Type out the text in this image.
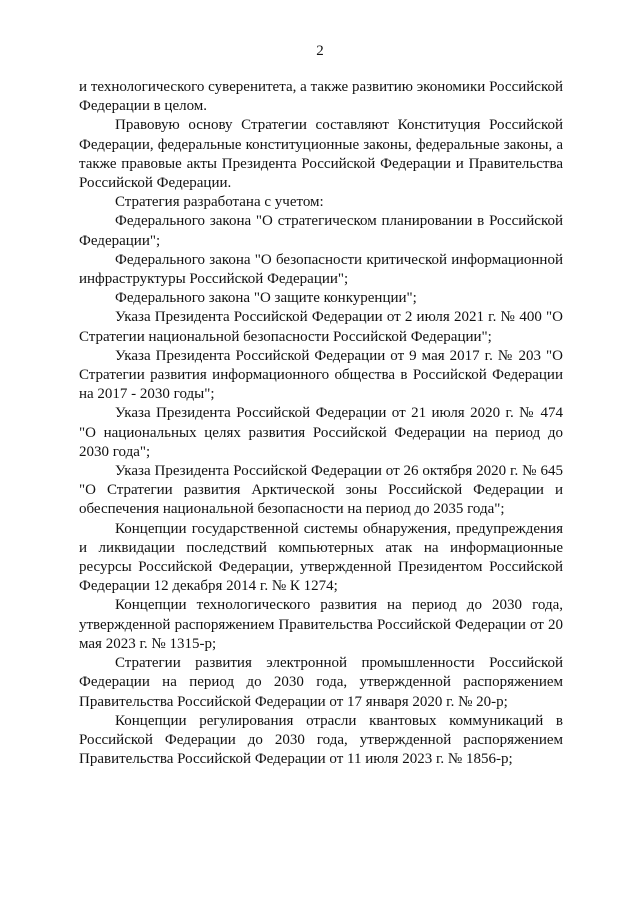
2

и технологического суверенитета, а также развитию экономики Российской Федерации в целом.

Правовую основу Стратегии составляют Конституция Российской Федерации, федеральные конституционные законы, федеральные законы, а также правовые акты Президента Российской Федерации и Правительства Российской Федерации.

Стратегия разработана с учетом:

Федерального закона "О стратегическом планировании в Российской Федерации";

Федерального закона "О безопасности критической информационной инфраструктуры Российской Федерации";

Федерального закона "О защите конкуренции";

Указа Президента Российской Федерации от 2 июля 2021 г. № 400 "О Стратегии национальной безопасности Российской Федерации";

Указа Президента Российской Федерации от 9 мая 2017 г. № 203 "О Стратегии развития информационного общества в Российской Федерации на 2017 - 2030 годы";

Указа Президента Российской Федерации от 21 июля 2020 г. № 474 "О национальных целях развития Российской Федерации на период до 2030 года";

Указа Президента Российской Федерации от 26 октября 2020 г. № 645 "О Стратегии развития Арктической зоны Российской Федерации и обеспечения национальной безопасности на период до 2035 года";

Концепции государственной системы обнаружения, предупреждения и ликвидации последствий компьютерных атак на информационные ресурсы Российской Федерации, утвержденной Президентом Российской Федерации 12 декабря 2014 г. № К 1274;

Концепции технологического развития на период до 2030 года, утвержденной распоряжением Правительства Российской Федерации от 20 мая 2023 г. № 1315-р;

Стратегии развития электронной промышленности Российской Федерации на период до 2030 года, утвержденной распоряжением Правительства Российской Федерации от 17 января 2020 г. № 20-р;

Концепции регулирования отрасли квантовых коммуникаций в Российской Федерации до 2030 года, утвержденной распоряжением Правительства Российской Федерации от 11 июля 2023 г. № 1856-р;
